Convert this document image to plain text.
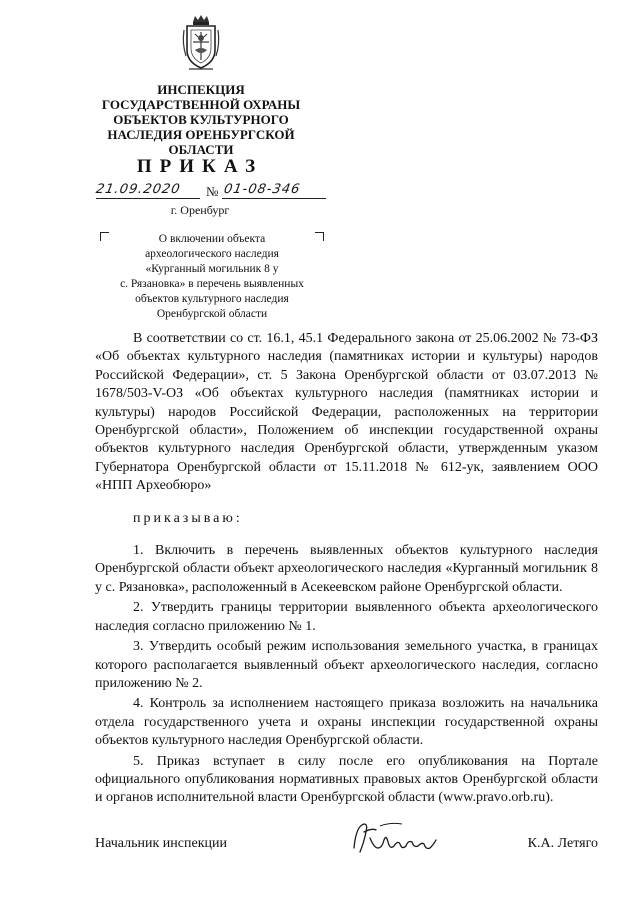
ИНСПЕКЦИЯ
ГОСУДАРСТВЕННОЙ ОХРАНЫ
ОБЪЕКТОВ КУЛЬТУРНОГО
НАСЛЕДИЯ ОРЕНБУРГСКОЙ
ОБЛАСТИ
ПРИКАЗ
21.09.2020 № 01-08-346
г. Оренбург
О включении объекта
археологического наследия
«Курганный могильник 8 у
с. Рязановка» в перечень выявленных
объектов культурного наследия
Оренбургской области

В соответствии со ст. 16.1, 45.1 Федерального закона от 25.06.2002 № 73-ФЗ «Об объектах культурного наследия (памятниках истории и культуры) народов Российской Федерации», ст. 5 Закона Оренбургской области от 03.07.2013 № 1678/503-V-ОЗ «Об объектах культурного наследия (памятниках истории и культуры) народов Российской Федерации, расположенных на территории Оренбургской области», Положением об инспекции государственной охраны объектов культурного наследия Оренбургской области, утвержденным указом Губернатора Оренбургской области от 15.11.2018 № 612-ук, заявлением ООО «НПП Археобюро»

приказываю:

1. Включить в перечень выявленных объектов культурного наследия Оренбургской области объект археологического наследия «Курганный могильник 8 у с. Рязановка», расположенный в Асекеевском районе Оренбургской области.

2. Утвердить границы территории выявленного объекта археологического наследия согласно приложению № 1.

3. Утвердить особый режим использования земельного участка, в границах которого располагается выявленный объект археологического наследия, согласно приложению № 2.

4. Контроль за исполнением настоящего приказа возложить на начальника отдела государственного учета и охраны инспекции государственной охраны объектов культурного наследия Оренбургской области.

5. Приказ вступает в силу после его опубликования на Портале официального опубликования нормативных правовых актов Оренбургской области и органов исполнительной власти Оренбургской области (www.pravo.orb.ru).

Начальник инспекции	К.А. Летяго
